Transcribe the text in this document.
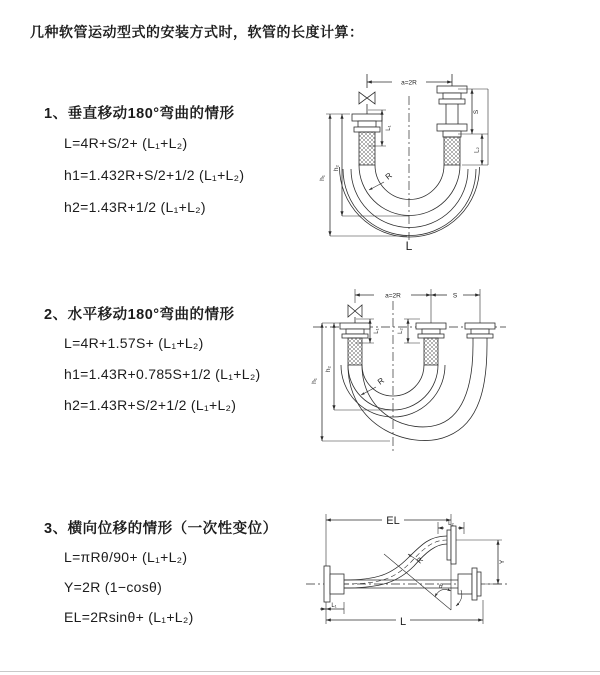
几种软管运动型式的安装方式时，软管的长度计算：
1、垂直移动180°弯曲的情形
L=4R+S/2+ (L₁+L₂)
h1=1.432R+S/2+1/2 (L₁+L₂)
h2=1.43R+1/2 (L₁+L₂)
2、水平移动180°弯曲的情形
L=4R+1.57S+ (L₁+L₂)
h1=1.43R+0.785S+1/2 (L₁+L₂)
h2=1.43R+S/2+1/2 (L₁+L₂)
3、横向位移的情形（一次性变位）
L=πRθ/90+ (L₁+L₂)
Y=2R (1−cosθ)
EL=2Rsinθ+ (L₁+L₂)
a=2R
h₁
h₂
L₁
S
L₂
R
L
a=2R	S
h₁
h₂
L₁	L₂
R
EL	L₂
Y
R
θ
L
L₁
